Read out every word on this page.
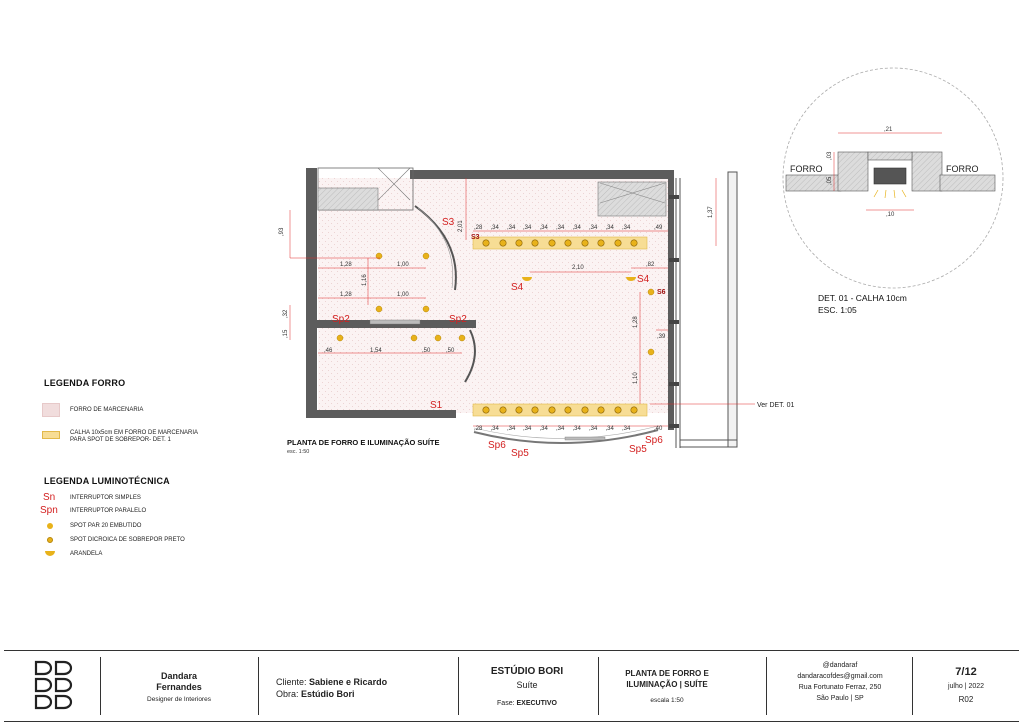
,93	2,01
1,28	1,00
1,16
1,28	1,00
,32
,15
,46	1,54	,50	,50
2,10	,82
1,37
1,28
,39
1,10
,49
,40
,28
,28
,34 ,34 ,34 ,34 ,34 ,34 ,34 ,34 ,34
,34 ,34 ,34 ,34 ,34 ,34 ,34 ,34 ,34
S3
S3
S4
S4
S6
Sp2	Sp2
S1
Sp6
Sp5
Sp6
Sp5
Ver DET. 01
,21
,10
,03
,05
FORRO	FORRO
PLANTA DE FORRO E ILUMINAÇÃO SUÍTE
esc. 1:50
DET. 01 - CALHA 10cm
ESC. 1:05
LEGENDA FORRO
FORRO DE MARCENARIA
CALHA 10x5cm EM FORRO DE MARCENARIA
PARA SPOT DE SOBREPOR- DET. 1
LEGENDA LUMINOTÉCNICA
Sn INTERRUPTOR SIMPLES
Spn INTERRUPTOR PARALELO
SPOT PAR 20 EMBUTIDO
SPOT DICROICA DE SOBREPOR PRETO
ARANDELA
Dandara
Fernandes
Designer de Interiores
Cliente: Sabiene e Ricardo
Obra: Estúdio Bori
ESTÚDIO BORI
Suíte
Fase: EXECUTIVO
PLANTA DE FORRO E
ILUMINAÇÃO | SUÍTE
escala 1:50
@dandaraf
dandaracofdes@gmail.com
Rua Fortunato Ferraz, 250
São Paulo | SP
7/12
julho | 2022
R02
